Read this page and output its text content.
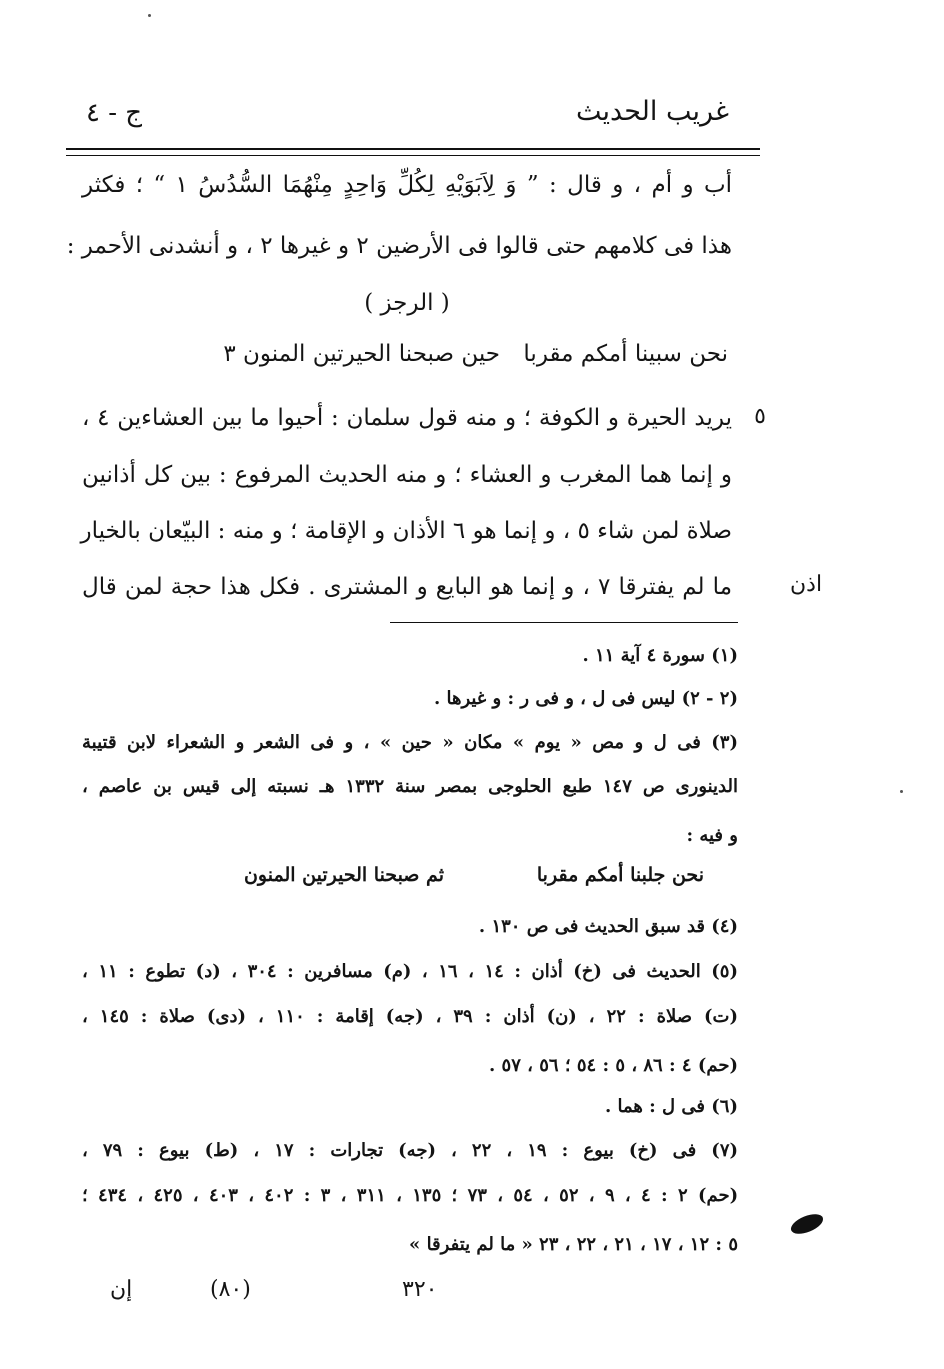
غريب الحديث
ج - ٤
أب و أم ، و قال : ” وَ لِاَبَوَيْهِ لِكُلِّ وَاحِدٍ مِنْهُمَا السُّدُسُ ١ “ ؛ فكثر
هذا فى كلامهم حتى قالوا فى الأرضين ٢ و غيرها ٢ ، و أنشدنى الأحمر :
( الرجز )
نحن سبينا أمكم مقربا
حين صبحنا الحيرتين المنون ٣
٥
يريد الحيرة و الكوفة ؛ و منه قول سلمان : أحيوا ما بين العشاءين ٤ ،
و إنما هما المغرب و العشاء ؛ و منه الحديث المرفوع : بين كل أذانين
صلاة لمن شاء ٥ ، و إنما هو ٦ الأذان و الإقامة ؛ و منه : البيّعان بالخيار
ما لم يفترقا ٧ ، و إنما هو البايع و المشترى . فكل هذا حجة لمن قال	اذن
(١) سورة ٤ آية ١١ .
(٢ - ٢) ليس فى ل ، و فى ر : و غيرها .
(٣) فى ل و مص « يوم » مكان « حين » ، و فى الشعر و الشعراء لابن قتيبة
الدينورى ص ١٤٧ طبع الحلوجى بمصر سنة ١٣٣٢ هـ نسبته إلى قيس بن عاصم ،
و فيه :
نحن جلبنا أمكم مقربا
ثم صبحنا الحيرتين المنون
(٤) قد سبق الحديث فى ص ١٣٠ .
(٥) الحديث فى (خ) أذان : ١٤ ، ١٦ ، (م) مسافرين : ٣٠٤ ، (د) تطوع : ١١ ،
(ت) صلاة : ٢٢ ، (ن) أذان : ٣٩ ، (جه) إقامة : ١١٠ ، (دى) صلاة : ١٤٥ ،
(حم) ٤ : ٨٦ ، ٥ : ٥٤ ؛ ٥٦ ، ٥٧ .
(٦) فى ل : هما .
(٧) فى (خ) بيوع : ١٩ ، ٢٢ ، (جه) تجارات : ١٧ ، (ط) بيوع : ٧٩ ،
(حم) ٢ : ٤ ، ٩ ، ٥٢ ، ٥٤ ، ٧٣ ؛ ١٣٥ ، ٣١١ ، ٣ : ٤٠٢ ، ٤٠٣ ، ٤٢٥ ، ٤٣٤ ؛
٥ : ١٢ ، ١٧ ، ٢١ ، ٢٢ ، ٢٣ « ما لم يتفرقا »
٣٢٠
(٨٠)
إن
